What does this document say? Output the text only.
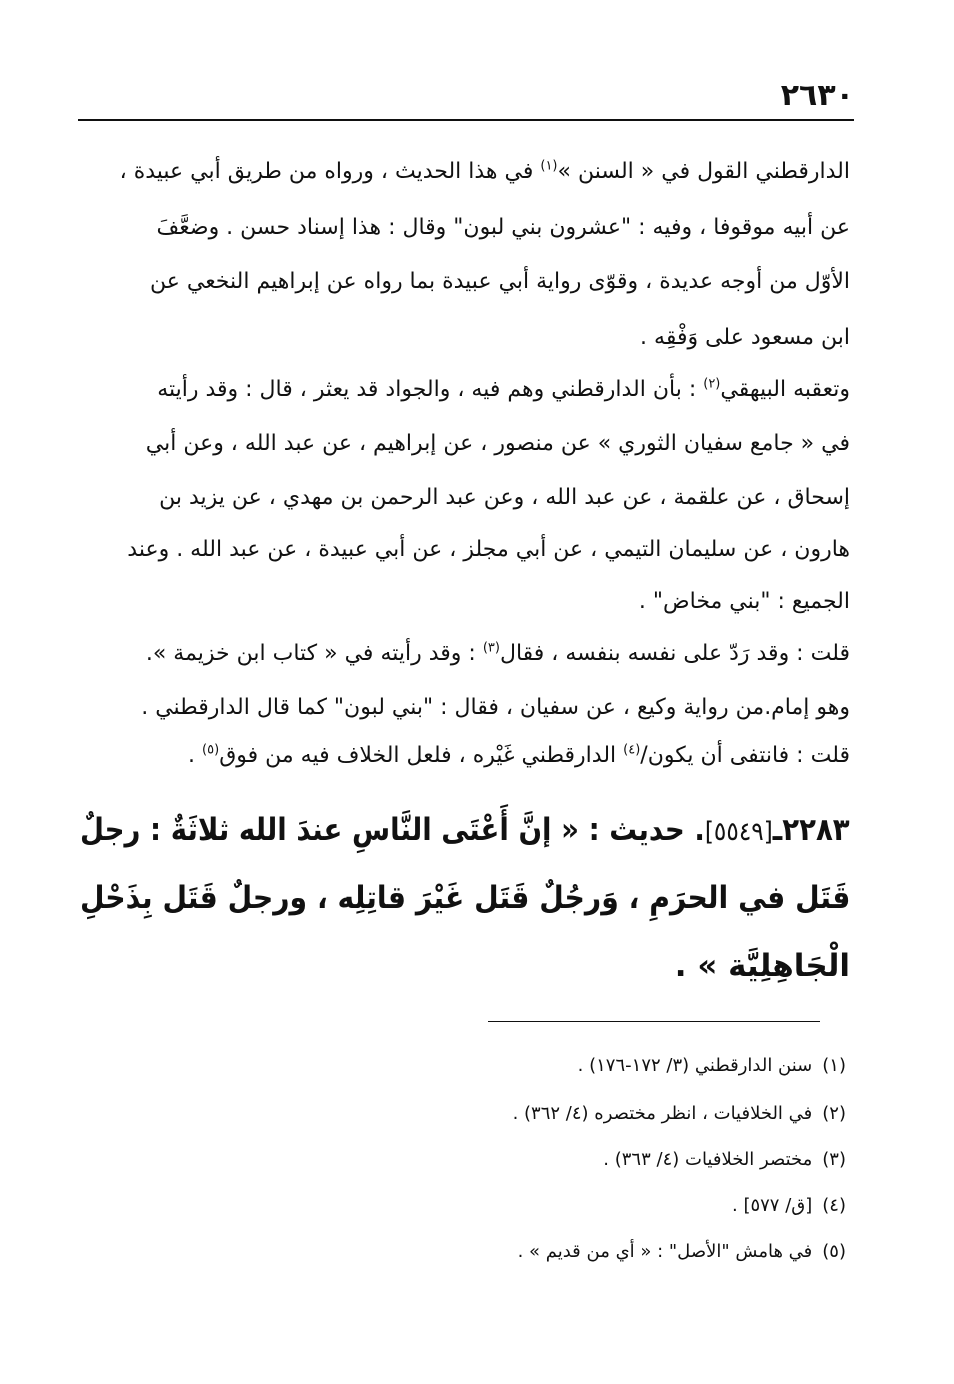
٢٦٣٠
الدارقطني القول في « السنن »$^{(١)}$ في هذا الحديث ، ورواه من طريق أبي عبيدة ،
عن أبيه موقوفا ، وفيه : "عشرون بني لبون" وقال : هذا إسناد حسن . وضعَّفَ
الأوّل من أوجه عديدة ، وقوّى رواية أبي عبيدة بما رواه عن إبراهيم النخعي عن
ابن مسعود على وَفْقِه .
وتعقبه البيهقي$^{(٢)}$ : بأن الدارقطني وهم فيه ، والجواد قد يعثر ، قال : وقد رأيته
في « جامع سفيان الثوري » عن منصور ، عن إبراهيم ، عن عبد الله ، وعن أبي
إسحاق ، عن علقمة ، عن عبد الله ، وعن عبد الرحمن بن مهدي ، عن يزيد بن
هارون ، عن سليمان التيمي ، عن أبي مجلز ، عن أبي عبيدة ، عن عبد الله . وعند
الجميع : "بني مخاض" .
قلت : وقد رَدّ على نفسه بنفسه ، فقال$^{(٣)}$ : وقد رأيته في « كتاب ابن خزيمة ».
وهو إمام.من رواية وكيع ، عن سفيان ، فقال : "بني لبون" كما قال الدارقطني .
قلت : فانتفى أن يكون/$^{(٤)}$ الدارقطني غَيْره ، فلعل الخلاف فيه من فوق$^{(٥)}$ .
٢٢٨٣ـ[٥٥٤٩]. حديث : « إنَّ أَعْتَى النَّاسِ عندَ الله ثلاثَةٌ : رجلٌ
قَتَل في الحرَمِ ، وَرجُلٌ قَتَل غَيْرَ قاتِلِه ، ورجلٌ قَتَل بِذَحْلِ
الْجَاهِلِيَّة » .
(١)سنن الدارقطني (٣/ ١٧٢-١٧٦) .
(٢)في الخلافيات ، انظر مختصره (٤/ ٣٦٢) .
(٣)مختصر الخلافيات (٤/ ٣٦٣) .
(٤)[ق/ ٥٧٧] .
(٥)في هامش "الأصل" : « أي من قديم » .
